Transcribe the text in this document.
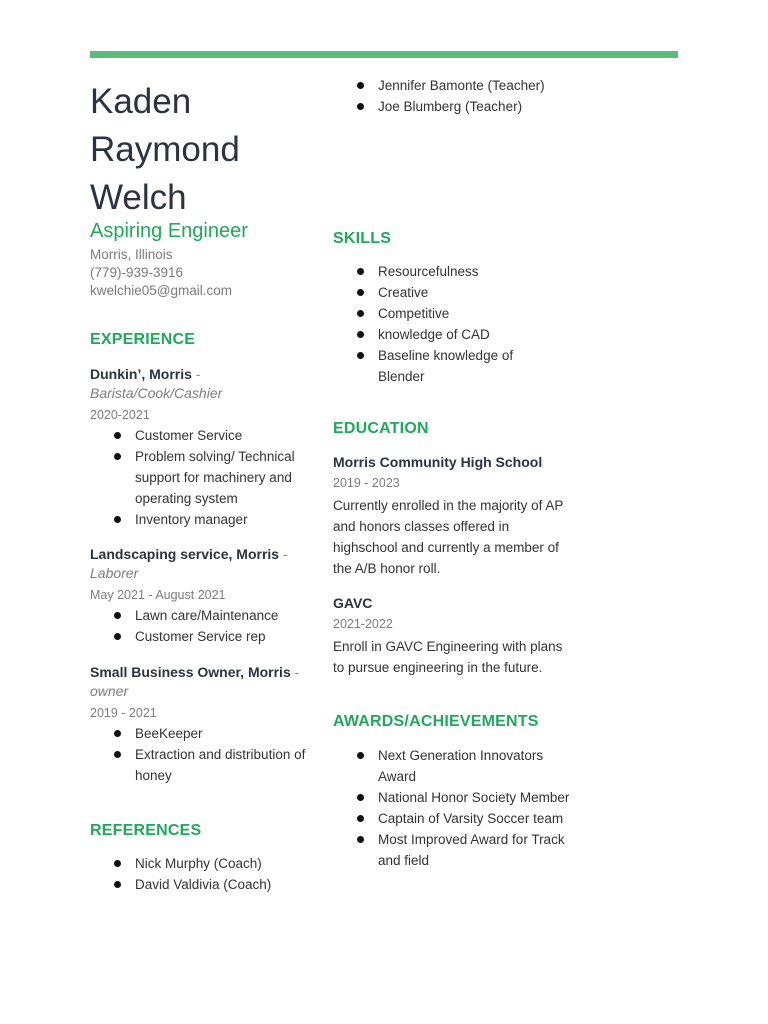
Kaden
Raymond
Welch
Aspiring Engineer
Morris, Illinois
(779)-939-3916
kwelchie05@gmail.com
EXPERIENCE
Dunkin’, Morris -
Barista/Cook/Cashier
2020-2021
Customer Service
Problem solving/ Technical support for machinery and operating system
Inventory manager
Landscaping service, Morris -
Laborer
May 2021 - August 2021
Lawn care/Maintenance
Customer Service rep
Small Business Owner, Morris -
owner
2019 - 2021
BeeKeeper
Extraction and distribution of honey
REFERENCES
Nick Murphy (Coach)
David Valdivia (Coach)
Jennifer Bamonte (Teacher)
Joe Blumberg (Teacher)
SKILLS
Resourcefulness
Creative
Competitive
knowledge of CAD
Baseline knowledge of Blender
EDUCATION
Morris Community High School
2019 - 2023
Currently enrolled in the majority of AP and honors classes offered in highschool and currently a member of the A/B honor roll.
GAVC
2021-2022
Enroll in GAVC Engineering with plans to pursue engineering in the future.
AWARDS/ACHIEVEMENTS
Next Generation Innovators Award
National Honor Society Member
Captain of Varsity Soccer team
Most Improved Award for Track and field
